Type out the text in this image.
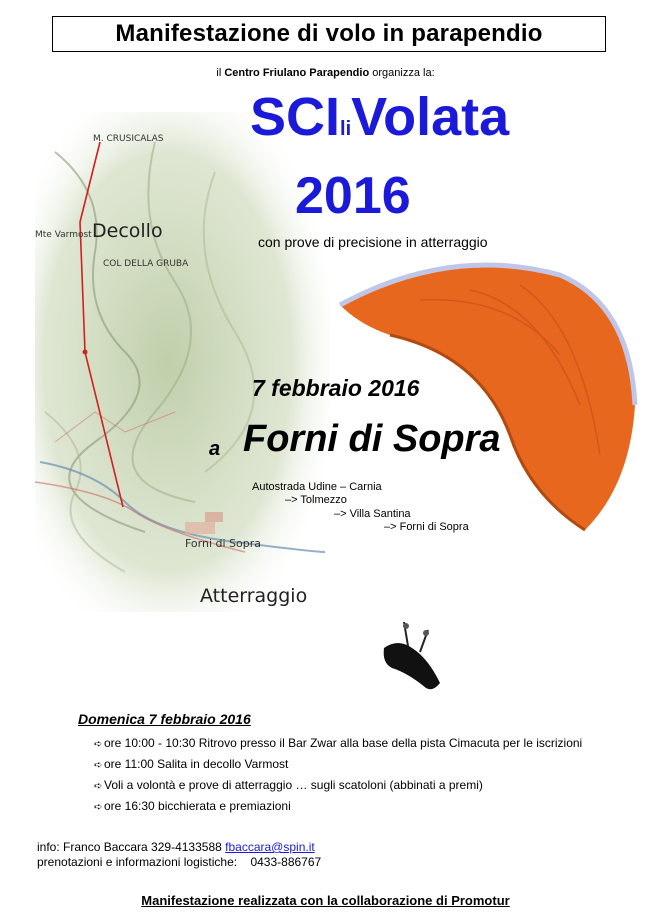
Manifestazione di volo in parapendio
il Centro Friulano Parapendio organizza la:
Decollo
Atterraggio
Forni di Sopra
M. CRUSICALAS
Mte Varmost
COL DELLA GRUBA
SCIliVolata
2016
con prove di precisione in atterraggio
7 febbraio 2016
a Forni di Sopra
Autostrada Udine – Carnia
–> Tolmezzo
–> Villa Santina
–> Forni di Sopra
Domenica 7 febbraio 2016
➪ ore 10:00 - 10:30 Ritrovo presso il Bar Zwar alla base della pista Cimacuta per le iscrizioni
➪ ore 11:00 Salita in decollo Varmost
➪ Voli a volontà e prove di atterraggio … sugli scatoloni (abbinati a premi)
➪ ore 16:30 bicchierata e premiazioni
info: Franco Baccara 329-4133588 fbaccara@spin.it
prenotazioni e informazioni logistiche: 0433-886767
Manifestazione realizzata con la collaborazione di Promotur
